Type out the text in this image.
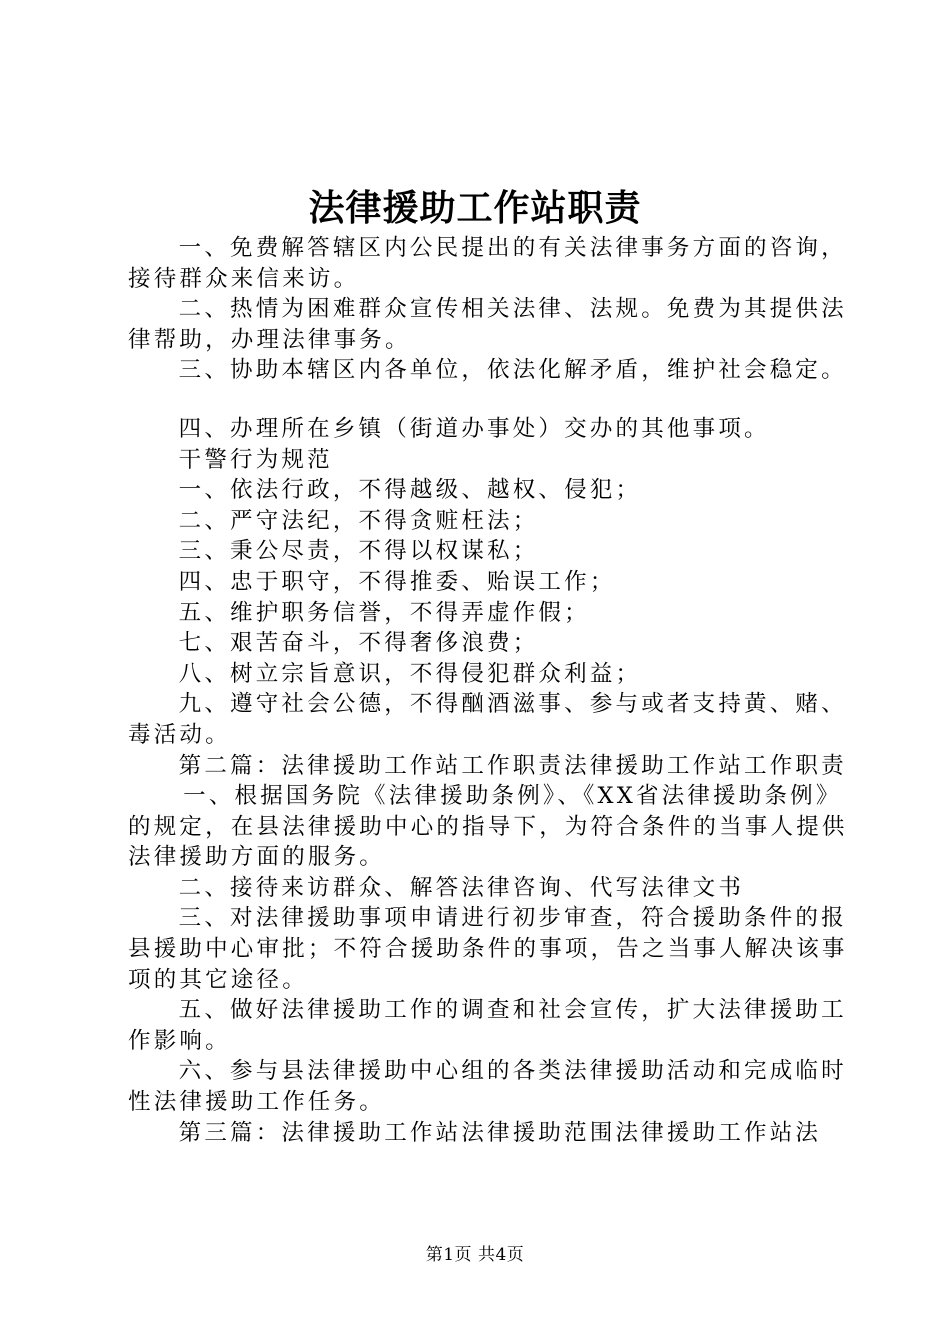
法律援助工作站职责

一、免费解答辖区内公民提出的有关法律事务方面的咨询，接待群众来信来访。

二、热情为困难群众宣传相关法律、法规。免费为其提供法律帮助，办理法律事务。

三、协助本辖区内各单位，依法化解矛盾，维护社会稳定。

四、办理所在乡镇（街道办事处）交办的其他事项。

干警行为规范

一、依法行政，不得越级、越权、侵犯；

二、严守法纪，不得贪赃枉法；

三、秉公尽责，不得以权谋私；

四、忠于职守，不得推委、贻误工作；

五、维护职务信誉，不得弄虚作假；

七、艰苦奋斗，不得奢侈浪费；

八、树立宗旨意识，不得侵犯群众利益；

九、遵守社会公德，不得酗酒滋事、参与或者支持黄、赌、毒活动。

第二篇：法律援助工作站工作职责法律援助工作站工作职责

一、根据国务院《法律援助条例》、《XX省法律援助条例》的规定，在县法律援助中心的指导下，为符合条件的当事人提供法律援助方面的服务。

二、接待来访群众、解答法律咨询、代写法律文书

三、对法律援助事项申请进行初步审查，符合援助条件的报县援助中心审批；不符合援助条件的事项，告之当事人解决该事项的其它途径。

五、做好法律援助工作的调查和社会宣传，扩大法律援助工作影响。

六、参与县法律援助中心组的各类法律援助活动和完成临时性法律援助工作任务。

第三篇：法律援助工作站法律援助范围法律援助工作站法

第1页 共4页
